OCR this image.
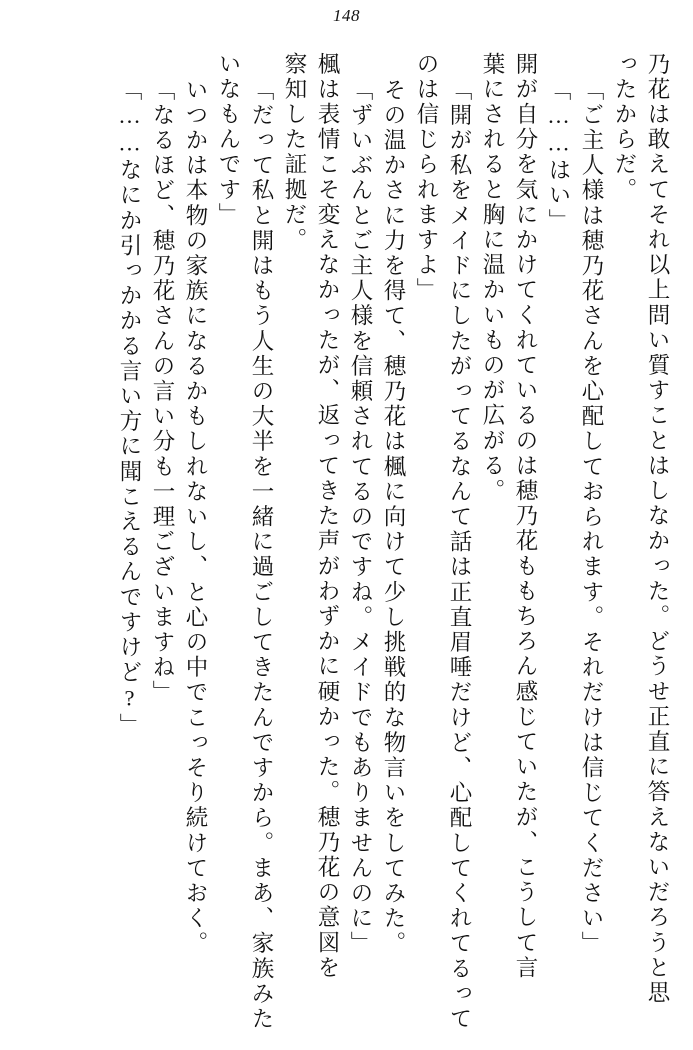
148
乃花は敢えてそれ以上問い質すことはしなかった。どうせ正直に答えないだろうと思
ったからだ。
「ご主人様は穂乃花さんを心配しておられます。それだけは信じてください」
「……はい」
開が自分を気にかけてくれているのは穂乃花ももちろん感じていたが、こうして言
葉にされると胸に温かいものが広がる。
「開が私をメイドにしたがってるなんて話は正直眉唾だけど、心配してくれてるって
のは信じられますよ」
その温かさに力を得て、穂乃花は楓に向けて少し挑戦的な物言いをしてみた。
「ずいぶんとご主人様を信頼されてるのですね。メイドでもありませんのに」
楓は表情こそ変えなかったが、返ってきた声がわずかに硬かった。穂乃花の意図を
察知した証拠だ。
「だって私と開はもう人生の大半を一緒に過ごしてきたんですから。まあ、家族みた
いなもんです」
いつかは本物の家族になるかもしれないし、と心の中でこっそり続けておく。
「なるほど、穂乃花さんの言い分も一理ございますね」
「……なにか引っかかる言い方に聞こえるんですけど?」
